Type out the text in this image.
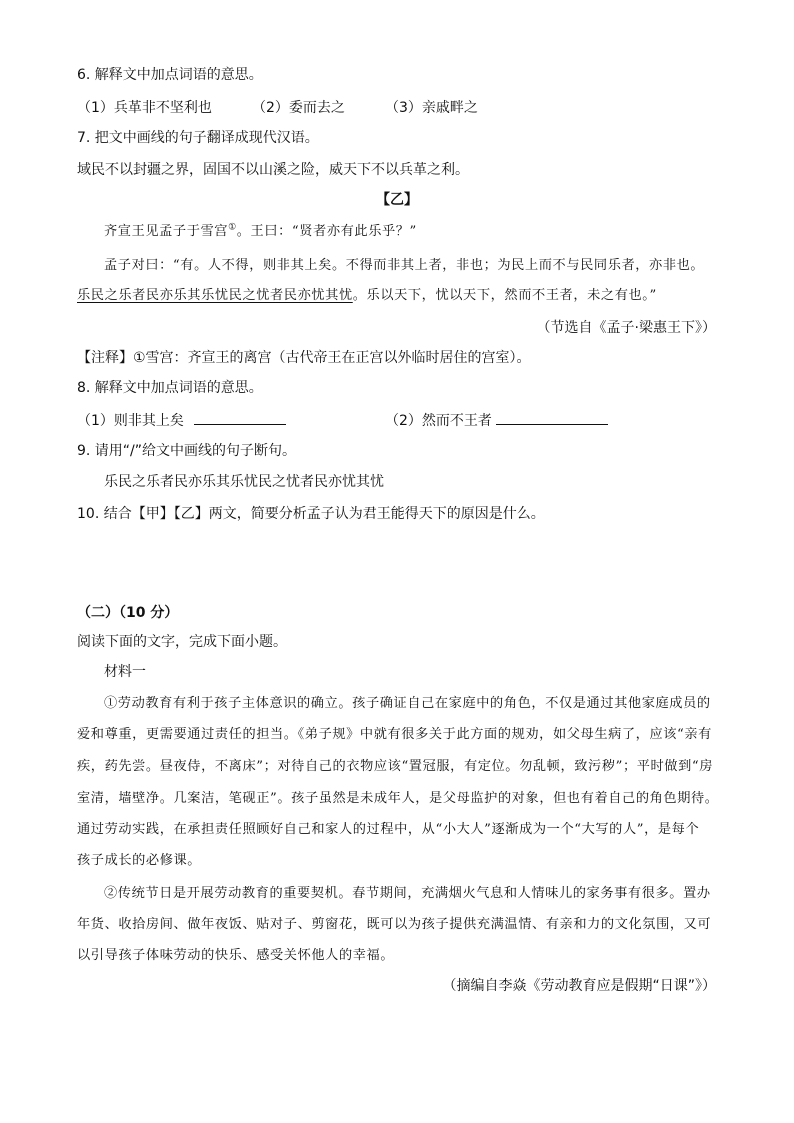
6. 解释文中加点词语的意思。
（1）兵革非不坚利也	（2）委而去之	（3）亲戚畔之
7. 把文中画线的句子翻译成现代汉语。
域民不以封疆之界，固国不以山溪之险，威天下不以兵革之利。
【乙】
齐宣王见孟子于雪宫①。王曰：“贤者亦有此乐乎？”
孟子对曰：“有。人不得，则非其上矣。不得而非其上者，非也；为民上而不与民同乐者，亦非也。
乐民之乐者民亦乐其乐忧民之忧者民亦忧其忧。乐以天下，忧以天下，然而不王者，未之有也。”
（节选自《孟子·梁惠王下》）
【注释】①雪宫：齐宣王的离宫（古代帝王在正宫以外临时居住的宫室）。
8. 解释文中加点词语的意思。
（1）则非其上矣	（2）然而不王者
9. 请用“/”给文中画线的句子断句。
乐民之乐者民亦乐其乐忧民之忧者民亦忧其忧
10. 结合【甲】【乙】两文，简要分析孟子认为君王能得天下的原因是什么。
（二）（10 分）
阅读下面的文字，完成下面小题。
材料一
①劳动教育有利于孩子主体意识的确立。孩子确证自己在家庭中的角色，不仅是通过其他家庭成员的
爱和尊重，更需要通过责任的担当。《弟子规》中就有很多关于此方面的规劝，如父母生病了，应该“亲有
疾，药先尝。昼夜侍，不离床”；对待自己的衣物应该“置冠服，有定位。勿乱顿，致污秽”；平时做到“房
室清，墙壁净。几案洁，笔砚正”。孩子虽然是未成年人，是父母监护的对象，但也有着自己的角色期待。
通过劳动实践，在承担责任照顾好自己和家人的过程中，从“小大人”逐渐成为一个“大写的人”，是每个
孩子成长的必修课。
②传统节日是开展劳动教育的重要契机。春节期间，充满烟火气息和人情味儿的家务事有很多。置办
年货、收拾房间、做年夜饭、贴对子、剪窗花，既可以为孩子提供充满温情、有亲和力的文化氛围，又可
以引导孩子体味劳动的快乐、感受关怀他人的幸福。
（摘编自李焱《劳动教育应是假期“日课”》）
